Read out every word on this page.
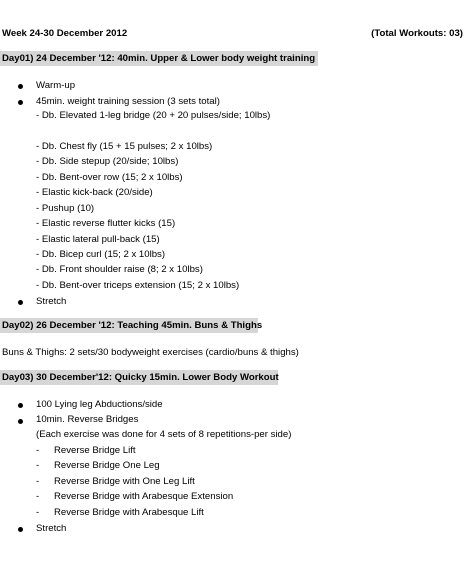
Week 24-30 December 2012	(Total Workouts: 03)
Day01) 24 December '12: 40min. Upper & Lower body weight training
Warm-up
45min. weight training session (3 sets total)
- Db. Elevated 1-leg bridge (20 + 20 pulses/side; 10lbs)
- Db. Chest fly (15 + 15 pulses; 2 x 10lbs)
- Db. Side stepup (20/side; 10lbs)
- Db. Bent-over row (15; 2 x 10lbs)
- Elastic kick-back (20/side)
- Pushup (10)
- Elastic reverse flutter kicks (15)
- Elastic lateral pull-back (15)
- Db. Bicep curl (15; 2 x 10lbs)
- Db. Front shoulder raise (8; 2 x 10lbs)
- Db. Bent-over triceps extension (15; 2 x 10lbs)
Stretch
Day02) 26 December '12: Teaching 45min. Buns & Thighs
Buns & Thighs: 2 sets/30 bodyweight exercises (cardio/buns & thighs)
Day03) 30 December'12: Quicky 15min. Lower Body Workout
100 Lying leg Abductions/side
10min. Reverse Bridges
(Each exercise was done for 4 sets of 8 repetitions-per side)
- Reverse Bridge Lift
- Reverse Bridge One Leg
- Reverse Bridge with One Leg Lift
- Reverse Bridge with Arabesque Extension
- Reverse Bridge with Arabesque Lift
Stretch
